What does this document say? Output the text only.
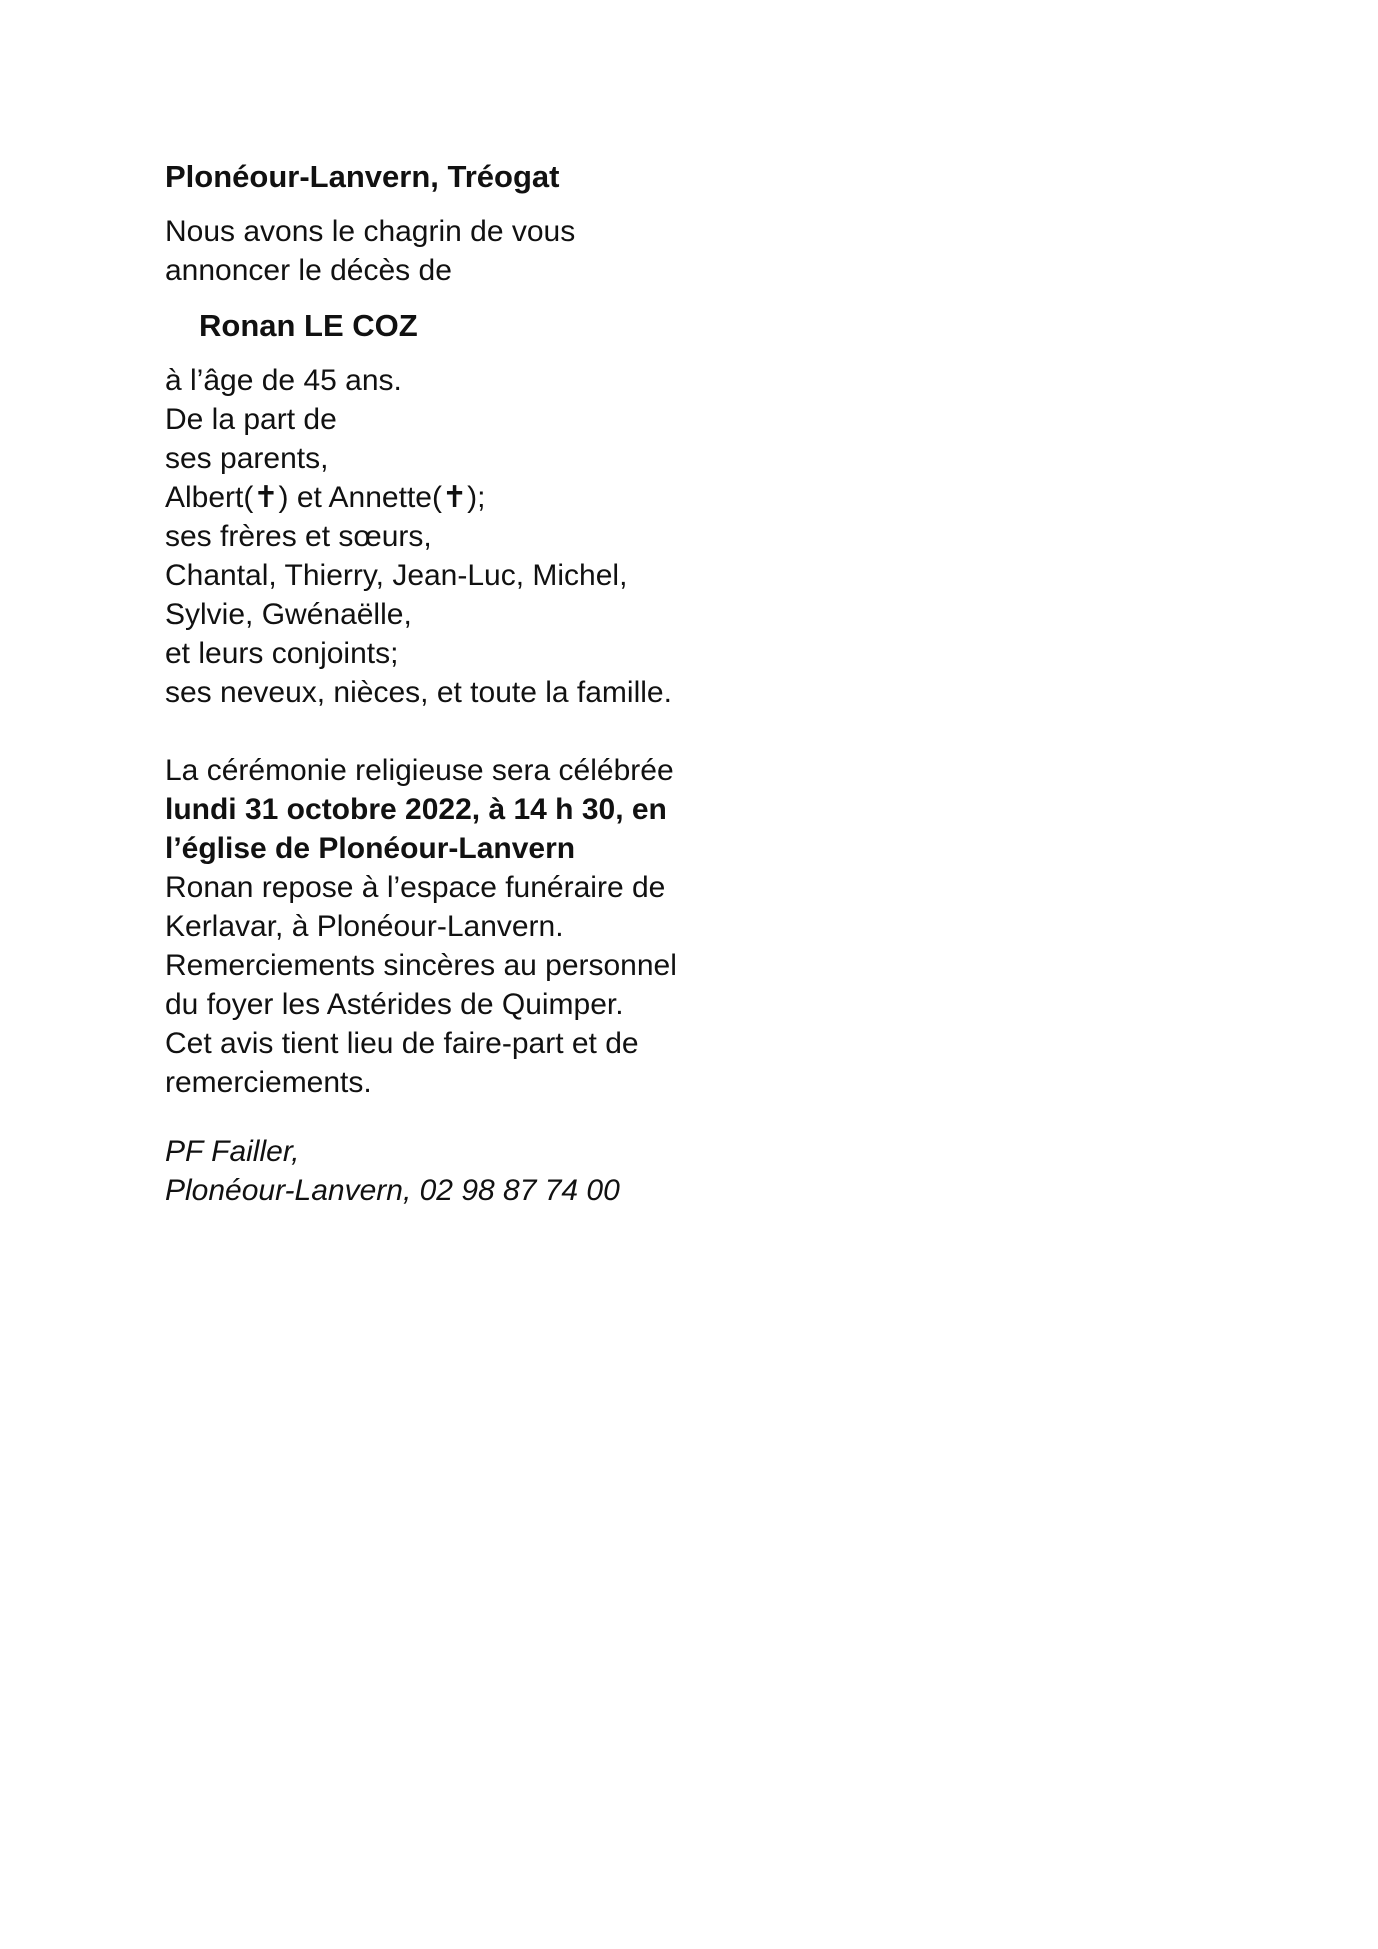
Plonéour-Lanvern, Tréogat
Nous avons le chagrin de vous
annoncer le décès de
Ronan LE COZ
à l’âge de 45 ans.
De la part de
ses parents,
Albert(✝) et Annette(✝);
ses frères et sœurs,
Chantal, Thierry, Jean-Luc, Michel,
Sylvie, Gwénaëlle,
et leurs conjoints;
ses neveux, nièces, et toute la famille.
La cérémonie religieuse sera célébrée
lundi 31 octobre 2022, à 14 h 30, en
l’église de Plonéour-Lanvern
Ronan repose à l’espace funéraire de
Kerlavar, à Plonéour-Lanvern.
Remerciements sincères au personnel
du foyer les Astérides de Quimper.
Cet avis tient lieu de faire-part et de
remerciements.
PF Failler,
Plonéour-Lanvern, 02 98 87 74 00
